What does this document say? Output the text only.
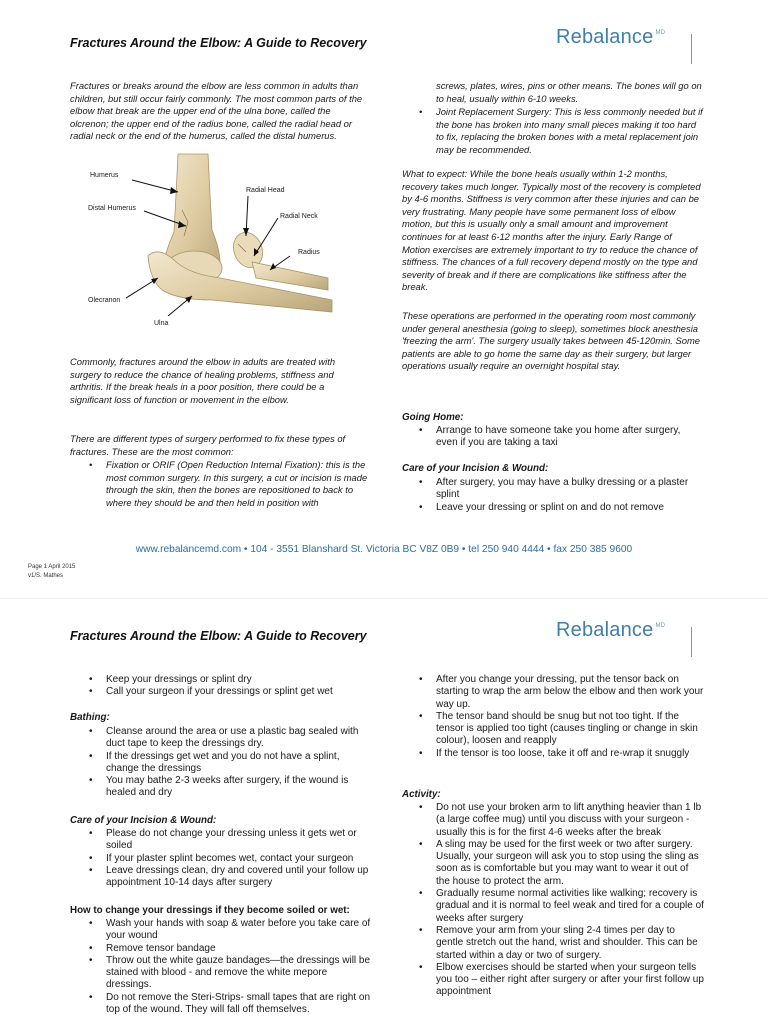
Fractures Around the Elbow: A Guide to Recovery	Rebalance $^{MD}$

Fractures or breaks around the elbow are less common in adults than children, but still occur fairly commonly. The most common parts of the elbow that break are the upper end of the ulna bone, called the olcrenon; the upper end of the radius bone, called the radial head or radial neck or the end of the humerus, called the distal humerus.

Humerus
Distal Humerus
Radial Head
Radial Neck
Radius
Olecranon
Ulna

Commonly, fractures around the elbow in adults are treated with surgery to reduce the chance of healing problems, stiffness and arthritis. If the break heals in a poor position, there could be a significant loss of function or movement in the elbow.

There are different types of surgery performed to fix these types of fractures. These are the most common:

• Fixation or ORIF (Open Reduction Internal Fixation): this is the most common surgery. In this surgery, a cut or incision is made through the skin, then the bones are repositioned to back to where they should be and then held in position with

screws, plates, wires, pins or other means. The bones will go on to heal, usually within 6-10 weeks.

• Joint Replacement Surgery: This is less commonly needed but if the bone has broken into many small pieces making it too hard to fix, replacing the broken bones with a metal replacement join may be recommended.

What to expect: While the bone heals usually within 1-2 months, recovery takes much longer. Typically most of the recovery is completed by 4-6 months. Stiffness is very common after these injuries and can be very frustrating. Many people have some permanent loss of elbow motion, but this is usually only a small amount and improvement continues for at least 6-12 months after the injury. Early Range of Motion exercises are extremely important to try to reduce the chance of stiffness. The chances of a full recovery depend mostly on the type and severity of break and if there are complications like stiffness after the break.

These operations are performed in the operating room most commonly under general anesthesia (going to sleep), sometimes block anesthesia 'freezing the arm'. The surgery usually takes between 45-120min. Some patients are able to go home the same day as their surgery, but larger operations usually require an overnight hospital stay.

Going Home:
• Arrange to have someone take you home after surgery, even if you are taking a taxi
Care of your Incision & Wound:
• After surgery, you may have a bulky dressing or a plaster splint
• Leave your dressing or splint on and do not remove
www.rebalancemd.com • 104 - 3551 Blanshard St. Victoria BC V8Z 0B9 • tel 250 940 4444 • fax 250 385 9600
Page 1 April 2015
v1/S. Mathes
Fractures Around the Elbow: A Guide to Recovery	Rebalance $^{MD}$
• Keep your dressings or splint dry
• Call your surgeon if your dressings or splint get wet
Bathing:
• Cleanse around the area or use a plastic bag sealed with duct tape to keep the dressings dry.
• If the dressings get wet and you do not have a splint, change the dressings
• You may bathe 2-3 weeks after surgery, if the wound is healed and dry
Care of your Incision & Wound:
• Please do not change your dressing unless it gets wet or soiled
• If your plaster splint becomes wet, contact your surgeon
• Leave dressings clean, dry and covered until your follow up appointment 10-14 days after surgery
How to change your dressings if they become soiled or wet:
• Wash your hands with soap & water before you take care of your wound
• Remove tensor bandage
• Throw out the white gauze bandages—the dressings will be stained with blood - and remove the white mepore dressings.
• Do not remove the Steri-Strips- small tapes that are right on top of the wound. They will fall off themselves.
• After you change your dressing, put the tensor back on starting to wrap the arm below the elbow and then work your way up.
• The tensor band should be snug but not too tight. If the tensor is applied too tight (causes tingling or change in skin colour), loosen and reapply
• If the tensor is too loose, take it off and re-wrap it snuggly
Activity:
• Do not use your broken arm to lift anything heavier than 1 lb (a large coffee mug) until you discuss with your surgeon - usually this is for the first 4-6 weeks after the break
• A sling may be used for the first week or two after surgery. Usually, your surgeon will ask you to stop using the sling as soon as is comfortable but you may want to wear it out of the house to protect the arm.
• Gradually resume normal activities like walking; recovery is gradual and it is normal to feel weak and tired for a couple of weeks after surgery
• Remove your arm from your sling 2-4 times per day to gentle stretch out the hand, wrist and shoulder. This can be started within a day or two of surgery.
• Elbow exercises should be started when your surgeon tells you too – either right after surgery or after your first follow up appointment
